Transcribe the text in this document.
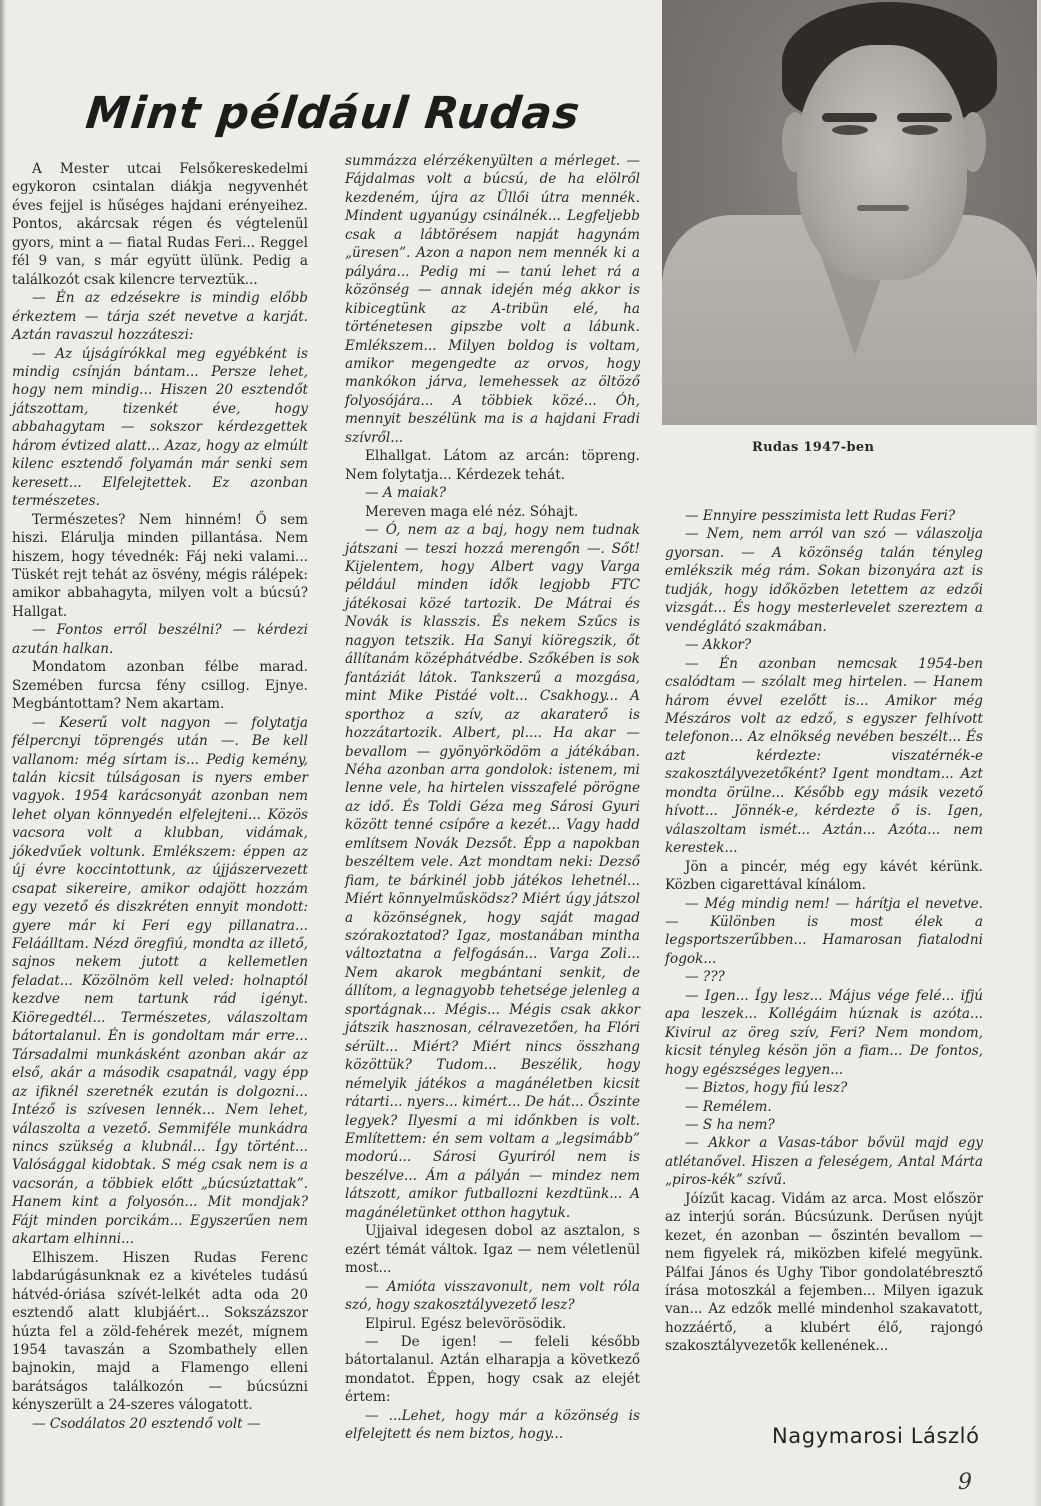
Mint például Rudas

A Mester utcai Felsőkereskedelmi egykoron csintalan diákja negyvenhét éves fejjel is hűséges hajdani erényeihez. Pontos, akárcsak régen és végtelenül gyors, mint a — fiatal Rudas Feri... Reggel fél 9 van, s már együtt ülünk. Pedig a találkozót csak kilencre terveztük...

— Én az edzésekre is mindig előbb érkeztem — tárja szét nevetve a karját. Aztán ravaszul hozzáteszi:

— Az újságírókkal meg egyébként is mindig csínján bántam... Persze lehet, hogy nem mindig... Hiszen 20 esztendőt játszottam, tizenkét éve, hogy abbahagytam — sokszor kérdezgettek három évtized alatt... Azaz, hogy az elmúlt kilenc esztendő folyamán már senki sem keresett... Elfelejtettek. Ez azonban természetes.

Természetes? Nem hinném! Ő sem hiszi. Elárulja minden pillantása. Nem hiszem, hogy tévednék: Fáj neki valami... Tüskét rejt tehát az ösvény, mégis rálépek: amikor abbahagyta, milyen volt a búcsú? Hallgat.

— Fontos erről beszélni? — kérdezi azután halkan.

Mondatom azonban félbe marad. Szemében furcsa fény csillog. Ejnye. Megbántottam? Nem akartam.

— Keserű volt nagyon — folytatja félpercnyi töprengés után —. Be kell vallanom: még sírtam is... Pedig kemény, talán kicsit túlságosan is nyers ember vagyok. 1954 karácsonyát azonban nem lehet olyan könnyedén elfelejteni... Közös vacsora volt a klubban, vidámak, jókedvűek voltunk. Emlékszem: éppen az új évre koccintottunk, az újjászervezett csapat sikereire, amikor odajött hozzám egy vezető és diszkréten ennyit mondott: gyere már ki Feri egy pillanatra... Feláálltam. Nézd öregfiú, mondta az illető, sajnos nekem jutott a kellemetlen feladat... Közölnöm kell veled: holnaptól kezdve nem tartunk rád igényt. Kiöregedtél... Természetes, válaszoltam bátortalanul. Én is gondoltam már erre... Társadalmi munkásként azonban akár az első, akár a második csapatnál, vagy épp az ifiknél szeretnék ezután is dolgozni... Intéző is szívesen lennék... Nem lehet, válaszolta a vezető. Semmiféle munkádra nincs szükség a klubnál... Így történt... Valósággal kidobtak. S még csak nem is a vacsorán, a többiek előtt „búcsúztattak”. Hanem kint a folyosón... Mit mondjak? Fájt minden porcikám... Egyszerűen nem akartam elhinni...

Elhiszem. Hiszen Rudas Ferenc labdarúgásunknak ez a kivételes tudású hátvéd-óriása szívét-lelkét adta oda 20 esztendő alatt klubjáért... Sokszázszor húzta fel a zöld-fehérek mezét, mígnem 1954 tavaszán a Szombathely ellen bajnokin, majd a Flamengo elleni barátságos találkozón — búcsúzni kényszerült a 24-szeres válogatott.

— Csodálatos 20 esztendő volt —

summázza elérzékenyülten a mérleget. — Fájdalmas volt a búcsú, de ha elölről kezdeném, újra az Üllői útra mennék. Mindent ugyanúgy csinálnék... Legfeljebb csak a lábtörésem napját hagynám „üresen”. Azon a napon nem mennék ki a pályára... Pedig mi — tanú lehet rá a közönség — annak idején még akkor is kibicegtünk az A-tribün elé, ha történetesen gipszbe volt a lábunk. Emlékszem... Milyen boldog is voltam, amikor megengedte az orvos, hogy mankókon járva, lemehessek az öltöző folyosójára... A többiek közé... Óh, mennyit beszélünk ma is a hajdani Fradi szívről...

Elhallgat. Látom az arcán: töpreng. Nem folytatja... Kérdezek tehát.

— A maiak?

Mereven maga elé néz. Sóhajt.

— Ó, nem az a baj, hogy nem tudnak játszani — teszi hozzá merengőn —. Sőt! Kijelentem, hogy Albert vagy Varga például minden idők legjobb FTC játékosai közé tartozik. De Mátrai és Novák is klasszis. És nekem Szűcs is nagyon tetszik. Ha Sanyi kiöregszik, őt állítanám középhátvédbe. Szőkében is sok fantáziát látok. Tankszerű a mozgása, mint Mike Pistáé volt... Csakhogy... A sporthoz a szív, az akaraterő is hozzátartozik. Albert, pl.... Ha akar — bevallom — gyönyörködöm a játékában. Néha azonban arra gondolok: istenem, mi lenne vele, ha hirtelen visszafelé pörögne az idő. És Toldi Géza meg Sárosi Gyuri között tenné csípőre a kezét... Vagy hadd említsem Novák Dezsőt. Épp a napokban beszéltem vele. Azt mondtam neki: Dezső fiam, te bárkinél jobb játékos lehetnél... Miért könnyelműsködsz? Miért úgy játszol a közönségnek, hogy saját magad szórakoztatod? Igaz, mostanában mintha változtatna a felfogásán... Varga Zoli... Nem akarok megbántani senkit, de állítom, a legnagyobb tehetsége jelenleg a sportágnak... Mégis... Mégis csak akkor játszik hasznosan, célravezetően, ha Flóri sérült... Miért? Miért nincs összhang közöttük? Tudom... Beszélik, hogy némelyik játékos a magánéletben kicsit rátarti... nyers... kimért... De hát... Őszinte legyek? Ilyesmi a mi időnkben is volt. Említettem: én sem voltam a „legsimább” modorú... Sárosi Gyuriról nem is beszélve... Ám a pályán — mindez nem látszott, amikor futballozni kezdtünk... A magánéletünket otthon hagytuk.

Ujjaival idegesen dobol az asztalon, s ezért témát váltok. Igaz — nem véletlenül most...

— Amióta visszavonult, nem volt róla szó, hogy szakosztályvezető lesz?

Elpirul. Egész belevörösödik.

— De igen! — feleli később bátortalanul. Aztán elharapja a következő mondatot. Éppen, hogy csak az elejét értem:

— ...Lehet, hogy már a közönség is elfelejtett és nem biztos, hogy...

Rudas 1947-ben

— Ennyire pesszimista lett Rudas Feri?

— Nem, nem arról van szó — válaszolja gyorsan. — A közönség talán tényleg emlékszik még rám. Sokan bizonyára azt is tudják, hogy időközben letettem az edzői vizsgát... És hogy mesterlevelet szereztem a vendéglátó szakmában.

— Akkor?

— Én azonban nemcsak 1954-ben csalódtam — szólalt meg hirtelen. — Hanem három évvel ezelőtt is... Amikor még Mészáros volt az edző, s egyszer felhívott telefonon... Az elnökség nevében beszélt... És azt kérdezte: viszatérnék-e szakosztályvezetőként? Igent mondtam... Azt mondta örülne... Később egy másik vezető hívott... Jönnék-e, kérdezte ő is. Igen, válaszoltam ismét... Aztán... Azóta... nem kerestek...

Jön a pincér, még egy kávét kérünk. Közben cigarettával kínálom.

— Még mindig nem! — hárítja el nevetve. — Különben is most élek a legsportszerűbben... Hamarosan fiatalodni fogok...

— ???

— Igen... Így lesz... Május vége felé... ifjú apa leszek... Kollégáim húznak is azóta... Kivirul az öreg szív, Feri? Nem mondom, kicsit tényleg késön jön a fiam... De fontos, hogy egészséges legyen...

— Biztos, hogy fiú lesz?

— Remélem.

— S ha nem?

— Akkor a Vasas-tábor bővül majd egy atlétanővel. Hiszen a feleségem, Antal Márta „piros-kék” szívű.

Jóízűt kacag. Vidám az arca. Most először az interjú során. Búcsúzunk. Derűsen nyújt kezet, én azonban — őszintén bevallom — nem figyelek rá, miközben kifelé megyünk. Pálfai János és Ughy Tibor gondolatébresztő írása motoszkál a fejemben... Milyen igazuk van... Az edzők mellé mindenhol szakavatott, hozzáértő, a klubért élő, rajongó szakosztályvezetők kellenének...

Nagymarosi László
9
